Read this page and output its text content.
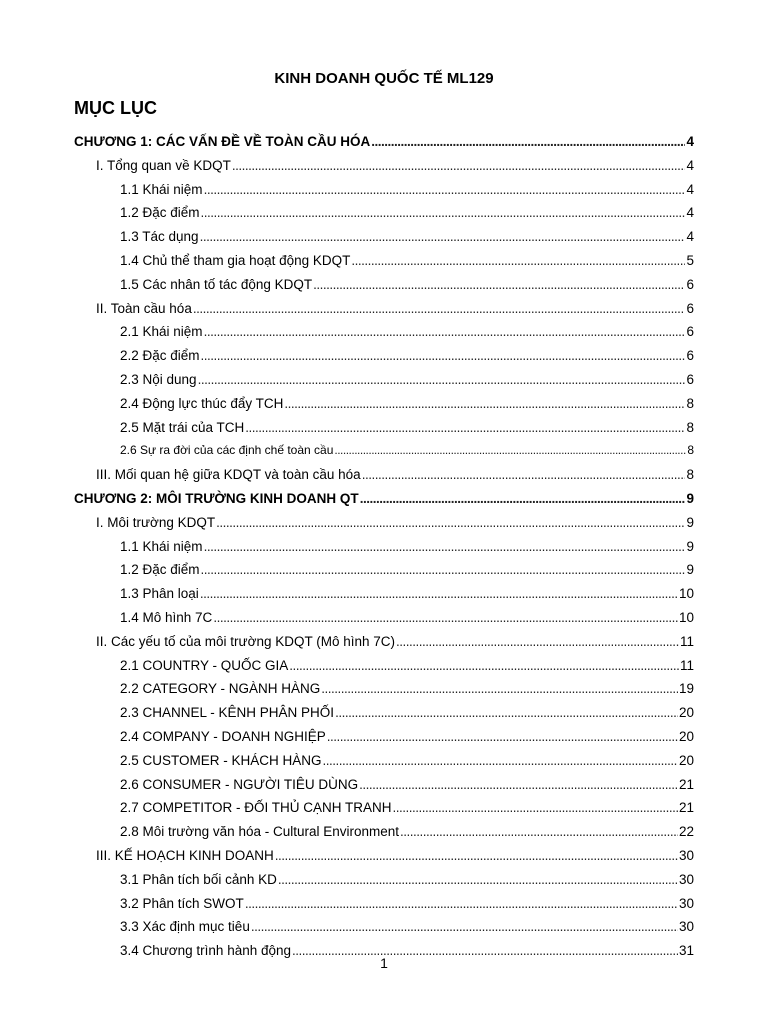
KINH DOANH QUỐC TẾ ML129
MỤC LỤC
CHƯƠNG 1: CÁC VẤN ĐỀ VỀ TOÀN CẦU HÓA .....	4
I. Tổng quan về KDQT .....	4
1.1 Khái niệm .....	4
1.2 Đặc điểm .....	4
1.3 Tác dụng .....	4
1.4 Chủ thể tham gia hoạt động KDQT .....	5
1.5 Các nhân tố tác động KDQT .....	6
II. Toàn cầu hóa .....	6
2.1 Khái niệm .....	6
2.2 Đặc điểm .....	6
2.3 Nội dung .....	6
2.4 Động lực thúc đẩy TCH .....	8
2.5 Mặt trái của TCH .....	8
2.6 Sự ra đời của các định chế toàn cầu .....	8
III. Mối quan hệ giữa KDQT và toàn cầu hóa .....	8
CHƯƠNG 2: MÔI TRƯỜNG KINH DOANH QT .....	9
I. Môi trường KDQT .....	9
1.1 Khái niệm .....	9
1.2 Đặc điểm .....	9
1.3 Phân loại .....	10
1.4 Mô hình 7C .....	10
II. Các yếu tố của môi trường KDQT (Mô hình 7C) .....	11
2.1 COUNTRY - QUỐC GIA .....	11
2.2 CATEGORY - NGÀNH HÀNG .....	19
2.3 CHANNEL - KÊNH PHÂN PHỐI .....	20
2.4 COMPANY - DOANH NGHIỆP .....	20
2.5 CUSTOMER - KHÁCH HÀNG .....	20
2.6 CONSUMER - NGƯỜI TIÊU DÙNG .....	21
2.7 COMPETITOR - ĐỐI THỦ CẠNH TRANH .....	21
2.8 Môi trường văn hóa - Cultural Environment .....	22
III. KẾ HOẠCH KINH DOANH .....	30
3.1 Phân tích bối cảnh KD .....	30
3.2 Phân tích SWOT .....	30
3.3 Xác định mục tiêu .....	30
3.4 Chương trình hành động .....	31
1
